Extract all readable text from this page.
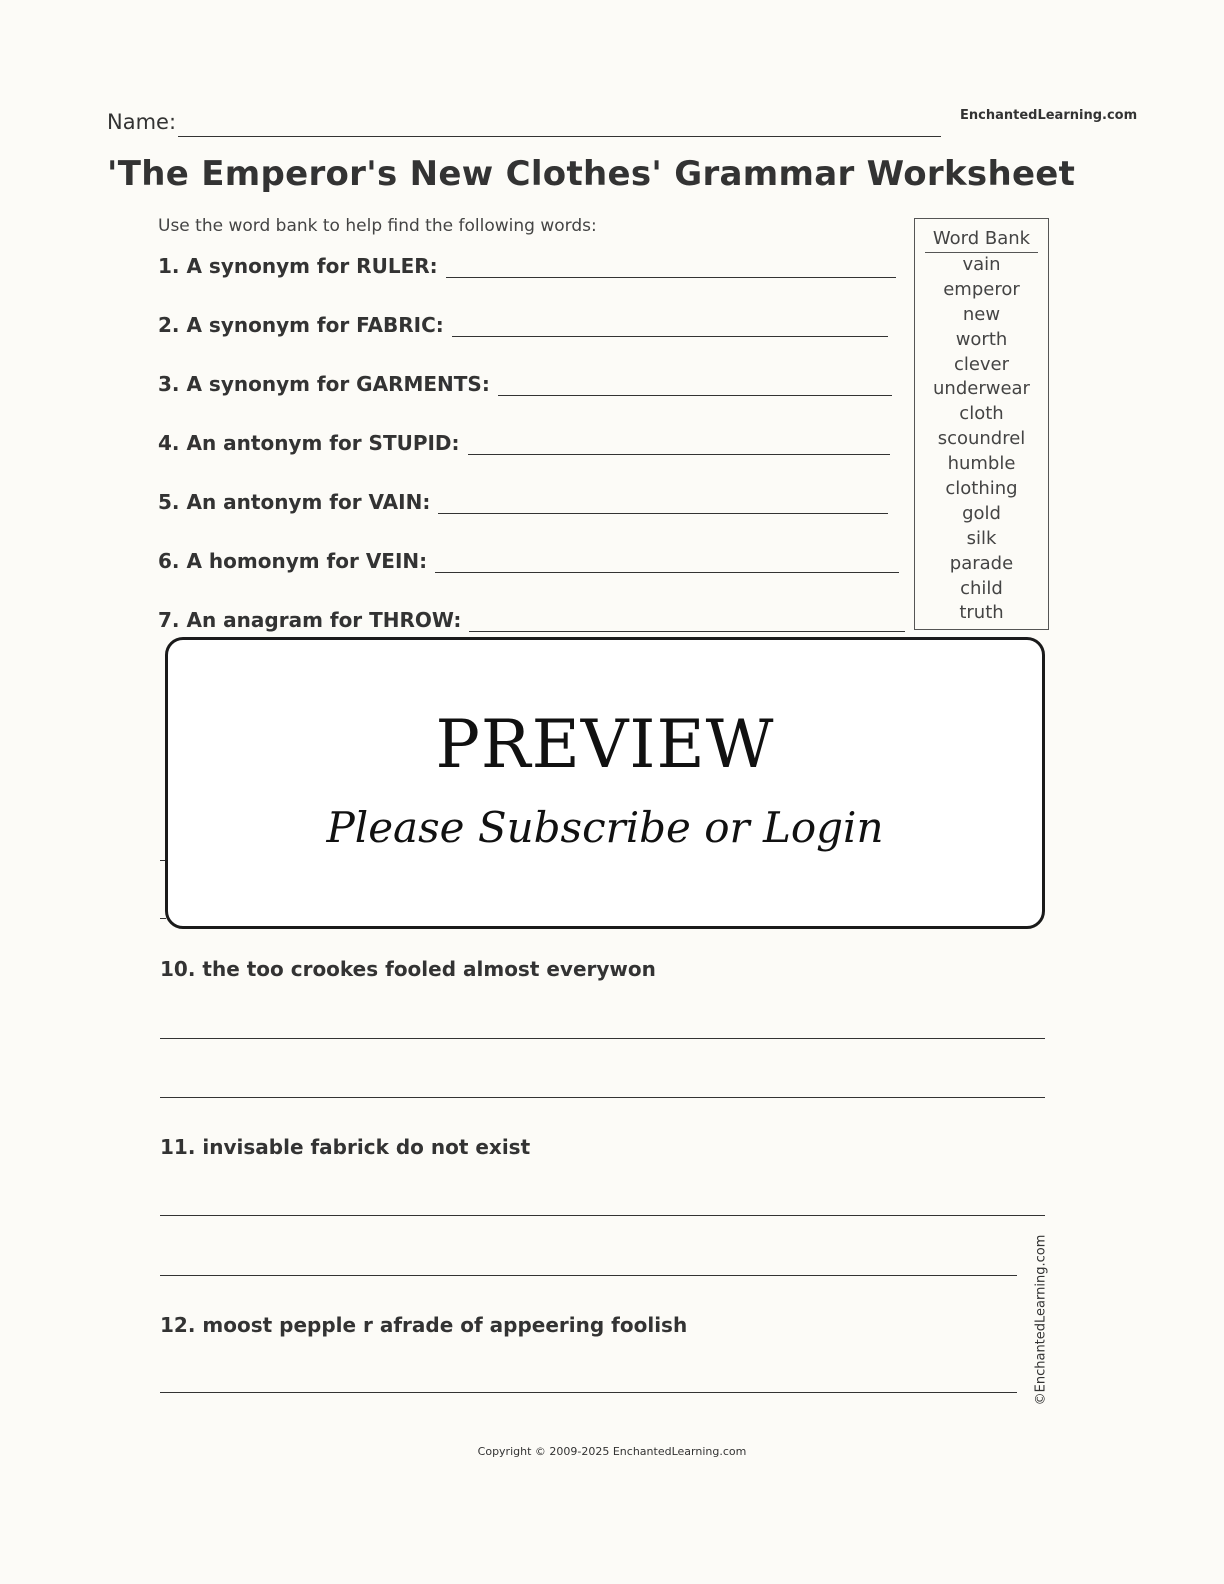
Name:	EnchantedLearning.com
'The Emperor's New Clothes' Grammar Worksheet
Use the word bank to help find the following words:
1. A synonym for RULER:
2. A synonym for FABRIC:
3. A synonym for GARMENTS:
4. An antonym for STUPID:
5. An antonym for VAIN:
6. A homonym for VEIN:
7. An anagram for THROW:
Word Bank
vain
emperor
new
worth
clever
underwear
cloth
scoundrel
humble
clothing
gold
silk
parade
child
truth
PREVIEW
Please Subscribe or Login
10. the too crookes fooled almost everywon
11. invisable fabrick do not exist
12. moost pepple r afrade of appeering foolish	©EnchantedLearning.com
Copyright © 2009-2025 EnchantedLearning.com
